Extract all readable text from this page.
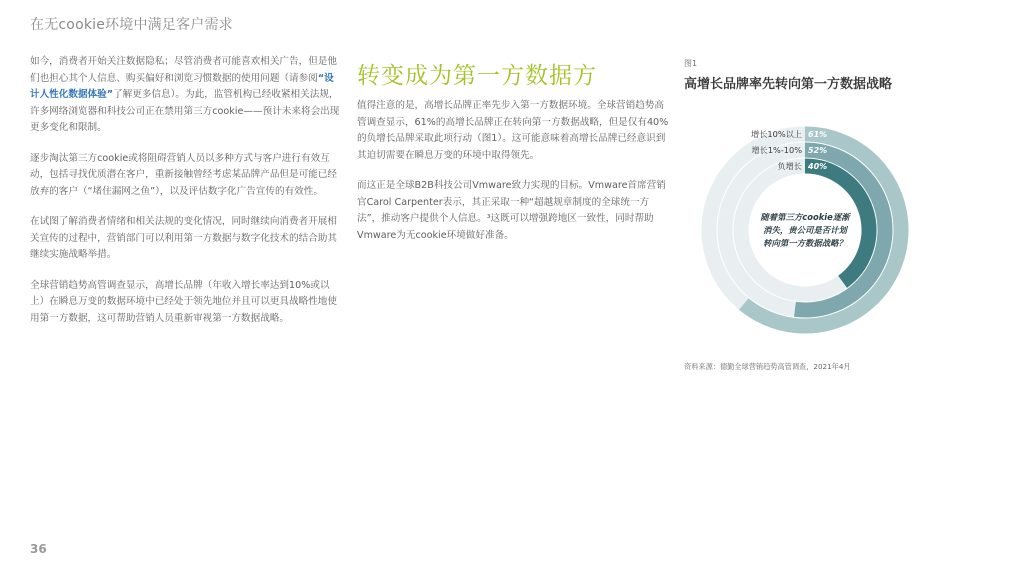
在无cookie环境中满足客户需求

如今，消费者开始关注数据隐私；尽管消费者可能喜欢相关广告，但是他们也担心其个人信息、购买偏好和浏览习惯数据的使用问题（请参阅“设计人性化数据体验”了解更多信息）。为此，监管机构已经收紧相关法规，许多网络浏览器和科技公司正在禁用第三方cookie——预计未来将会出现更多变化和限制。

逐步淘汰第三方cookie或将阻碍营销人员以多种方式与客户进行有效互动，包括寻找优质潜在客户，重新接触曾经考虑某品牌产品但是可能已经放弃的客户（“堵住漏网之鱼”），以及评估数字化广告宣传的有效性。

在试图了解消费者情绪和相关法规的变化情况，同时继续向消费者开展相关宣传的过程中，营销部门可以利用第一方数据与数字化技术的结合助其继续实施战略举措。

全球营销趋势高管调查显示，高增长品牌（年收入增长率达到10%或以上）在瞬息万变的数据环境中已经处于领先地位并且可以更具战略性地使用第一方数据，这可帮助营销人员重新审视第一方数据战略。

转变成为第一方数据方

值得注意的是，高增长品牌正率先步入第一方数据环境。全球营销趋势高管调查显示，61%的高增长品牌正在转向第一方数据战略，但是仅有40%的负增长品牌采取此项行动（图1）。这可能意味着高增长品牌已经意识到其迫切需要在瞬息万变的环境中取得领先。

而这正是全球B2B科技公司Vmware致力实现的目标。Vmware首席营销官Carol Carpenter表示，其正采取一种“超越规章制度的全球统一方法”，推动客户提供个人信息。³这既可以增强跨地区一致性，同时帮助Vmware为无cookie环境做好准备。

图1
高增长品牌率先转向第一方数据战略
增长10%以上 61%
增长1%-10% 52%
负增长 40%
随着第三方cookie逐渐
消失，贵公司是否计划
转向第一方数据战略？
资料来源：德勤全球营销趋势高管调查，2021年4月
36
